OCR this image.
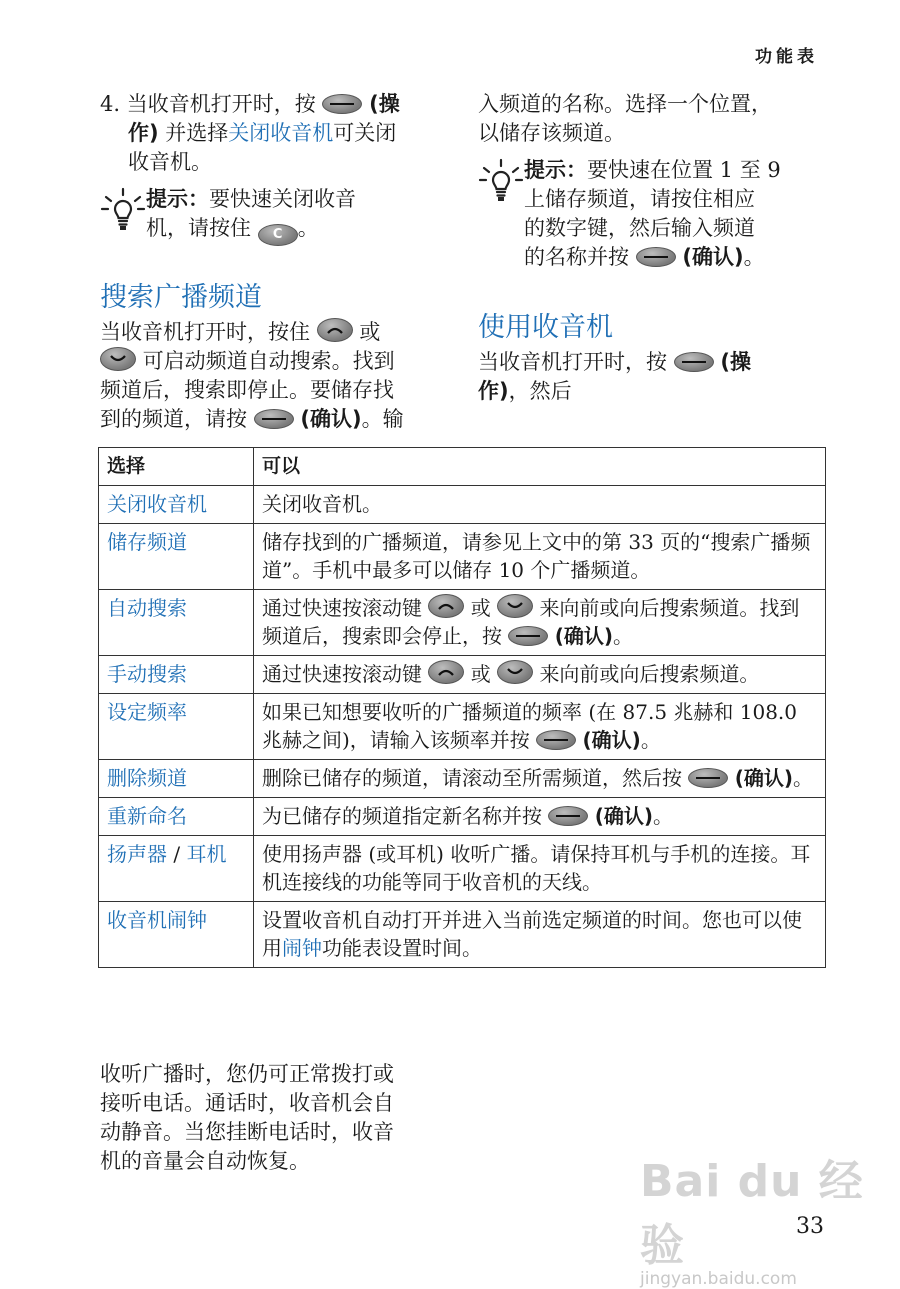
功能表

4. 当收音机打开时，按	(操
作) 并选择关闭收音机可关闭
收音机。

提示：要快速关闭收音
机，请按住 C 。
搜索广播频道

当收音机打开时，按住 或

可启动频道自动搜索。找到
频道后，搜索即停止。要储存找
到的频道，请按	(确认)。输

入频道的名称。选择一个位置，
以储存该频道。

提示：要快速在位置 1 至 9
上储存频道，请按住相应
的数字键，然后输入频道
的名称并按	(确认)。
使用收音机

当收音机打开时，按	(操
作)，然后

选择	可以
关闭收音机	关闭收音机。
储存频道	储存找到的广播频道，请参见上文中的第 33 页的“搜索广播频道”。手机中最多可以储存 10 个广播频道。
自动搜索	通过快速按滚动键 或 来向前或向后搜索频道。找到频道后，搜索即会停止，按 (确认)。
手动搜索	通过快速按滚动键 或 来向前或向后搜索频道。
设定频率	如果已知想要收听的广播频道的频率 (在 87.5 兆赫和 108.0 兆赫之间)，请输入该频率并按 (确认)。
删除频道	删除已储存的频道，请滚动至所需频道，然后按 (确认)。
重新命名	为已储存的频道指定新名称并按 (确认)。
扬声器 / 耳机	使用扬声器 (或耳机) 收听广播。请保持耳机与手机的连接。耳机连接线的功能等同于收音机的天线。
收音机闹钟	设置收音机自动打开并进入当前选定频道的时间。您也可以使用闹钟功能表设置时间。

收听广播时，您仍可正常拨打或
接听电话。通话时，收音机会自
动静音。当您挂断电话时，收音
机的音量会自动恢复。	Bai du 经验
jingyan.baidu.com
33
